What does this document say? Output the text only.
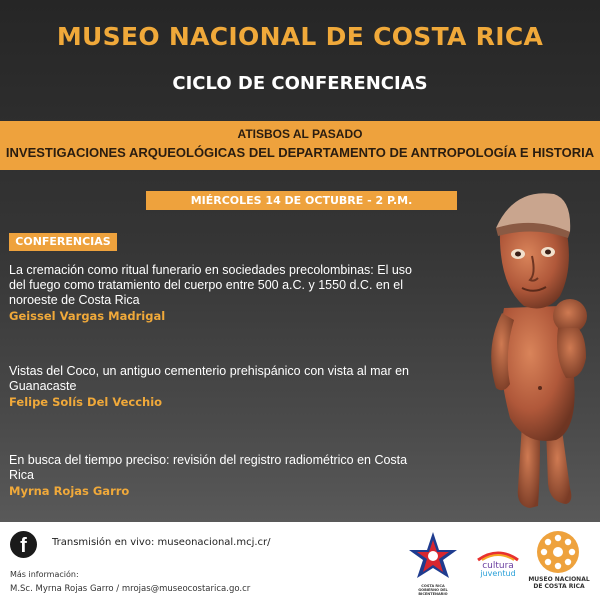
MUSEO NACIONAL DE COSTA RICA
CICLO DE CONFERENCIAS
ATISBOS AL PASADO
INVESTIGACIONES ARQUEOLÓGICAS DEL DEPARTAMENTO DE ANTROPOLOGÍA E HISTORIA
MIÉRCOLES 14 DE OCTUBRE - 2 P.M.
CONFERENCIAS
La cremación como ritual funerario en sociedades precolombinas: El uso del fuego como tratamiento del cuerpo entre 500 a.C. y 1550 d.C. en el noroeste de Costa Rica
Geissel Vargas Madrigal
Vistas del Coco, un antiguo cementerio prehispánico con vista al mar en Guanacaste
Felipe Solís Del Vecchio
En busca del tiempo preciso: revisión del registro radiométrico en Costa Rica
Myrna Rojas Garro
f	Transmisión en vivo: museonacional.mcj.cr/
Más información:
M.Sc. Myrna Rojas Garro / mrojas@museocostarica.go.cr	COSTA RICA
GOBIERNO DEL BICENTENARIO
cultura
juventud
MUSEO NACIONAL
DE COSTA RICA
